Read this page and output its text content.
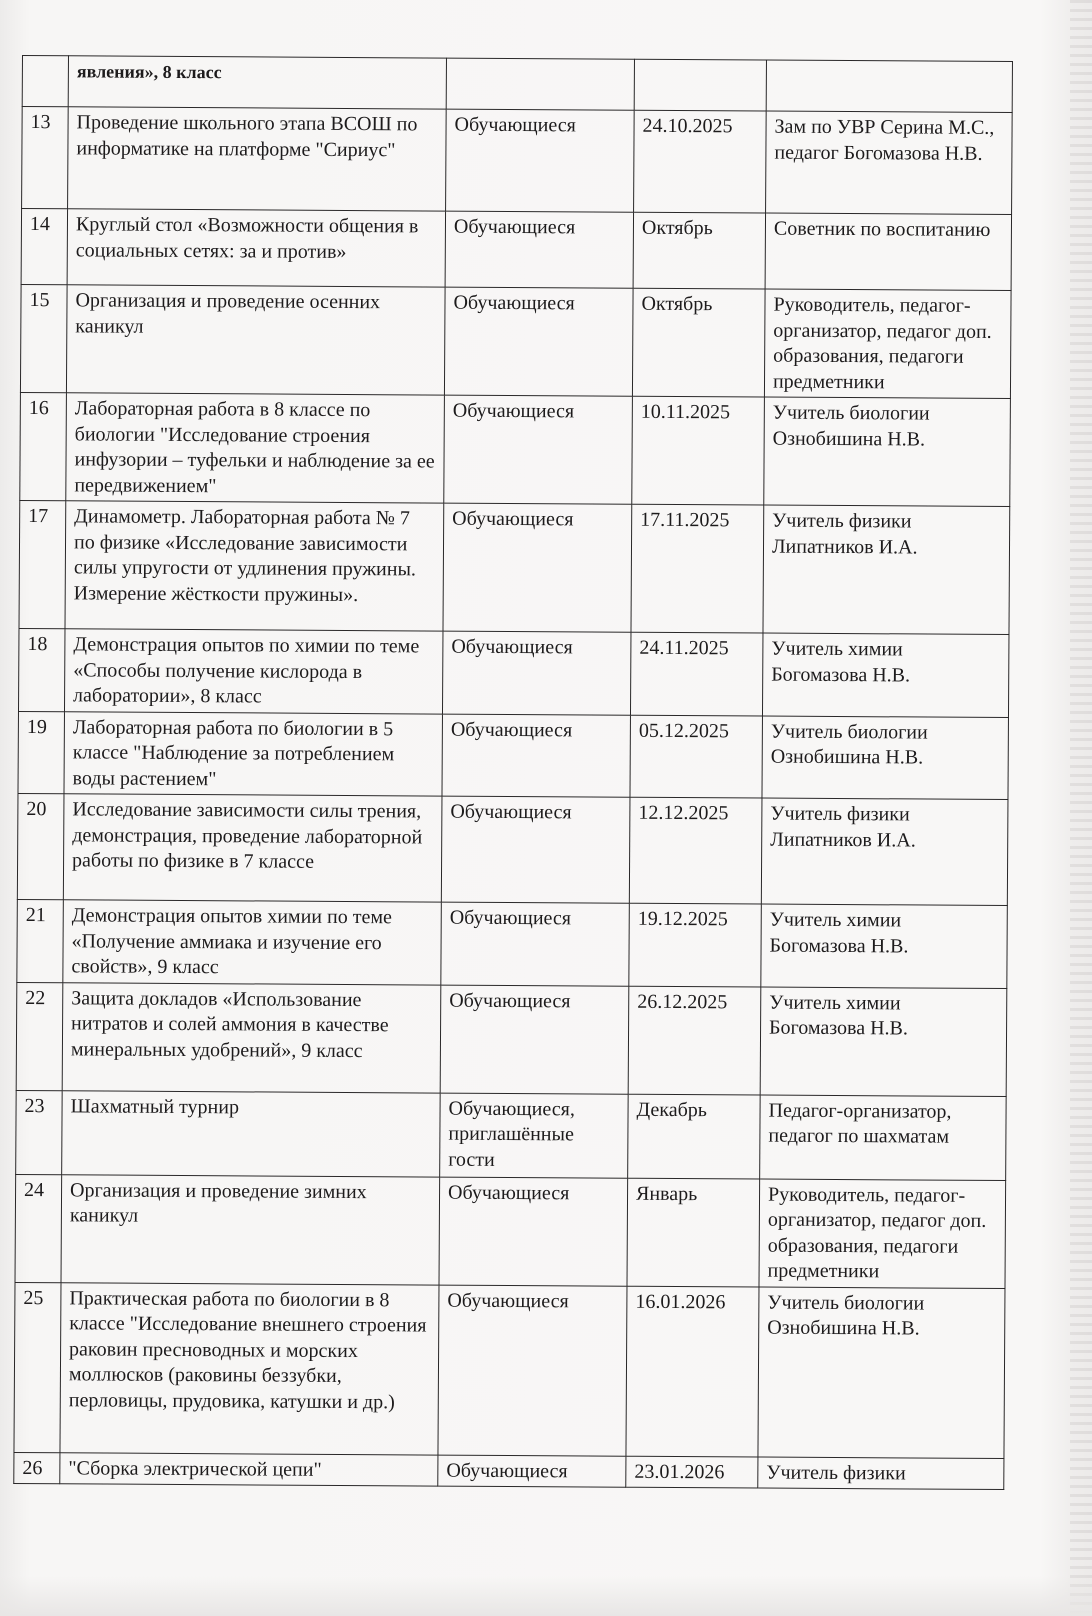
	явления», 8 класс			
13	Проведение школьного этапа ВСОШ по информатике на платформе "Сириус"	Обучающиеся	24.10.2025	Зам по УВР Серина М.С., педагог Богомазова Н.В.
14	Круглый стол «Возможности общения в социальных сетях: за и против»	Обучающиеся	Октябрь	Советник по воспитанию
15	Организация и проведение осенних каникул	Обучающиеся	Октябрь	Руководитель, педагог-организатор, педагог доп. образования, педагоги предметники
16	Лабораторная работа в 8 классе по биологии "Исследование строения инфузории – туфельки и наблюдение за ее передвижением"	Обучающиеся	10.11.2025	Учитель биологии Ознобишина Н.В.
17	Динамометр. Лабораторная работа № 7 по физике «Исследование зависимости силы упругости от удлинения пружины. Измерение жёсткости пружины».	Обучающиеся	17.11.2025	Учитель физики Липатников И.А.
18	Демонстрация опытов по химии по теме «Способы получение кислорода в лаборатории», 8 класс	Обучающиеся	24.11.2025	Учитель химии Богомазова Н.В.
19	Лабораторная работа по биологии в 5 классе "Наблюдение за потреблением воды растением"	Обучающиеся	05.12.2025	Учитель биологии Ознобишина Н.В.
20	Исследование зависимости силы трения, демонстрация, проведение лабораторной работы по физике в 7 классе	Обучающиеся	12.12.2025	Учитель физики Липатников И.А.
21	Демонстрация опытов химии по теме «Получение аммиака и изучение его свойств», 9 класс	Обучающиеся	19.12.2025	Учитель химии Богомазова Н.В.
22	Защита докладов «Использование нитратов и солей аммония в качестве минеральных удобрений», 9 класс	Обучающиеся	26.12.2025	Учитель химии Богомазова Н.В.
23	Шахматный турнир	Обучающиеся, приглашённые гости	Декабрь	Педагог-организатор, педагог по шахматам
24	Организация и проведение зимних каникул	Обучающиеся	Январь	Руководитель, педагог-организатор, педагог доп. образования, педагоги предметники
25	Практическая работа по биологии в 8 классе "Исследование внешнего строения раковин пресноводных и морских моллюсков (раковины беззубки, перловицы, прудовика, катушки и др.)	Обучающиеся	16.01.2026	Учитель биологии Ознобишина Н.В.
26	"Сборка электрической цепи"	Обучающиеся	23.01.2026	Учитель физики
